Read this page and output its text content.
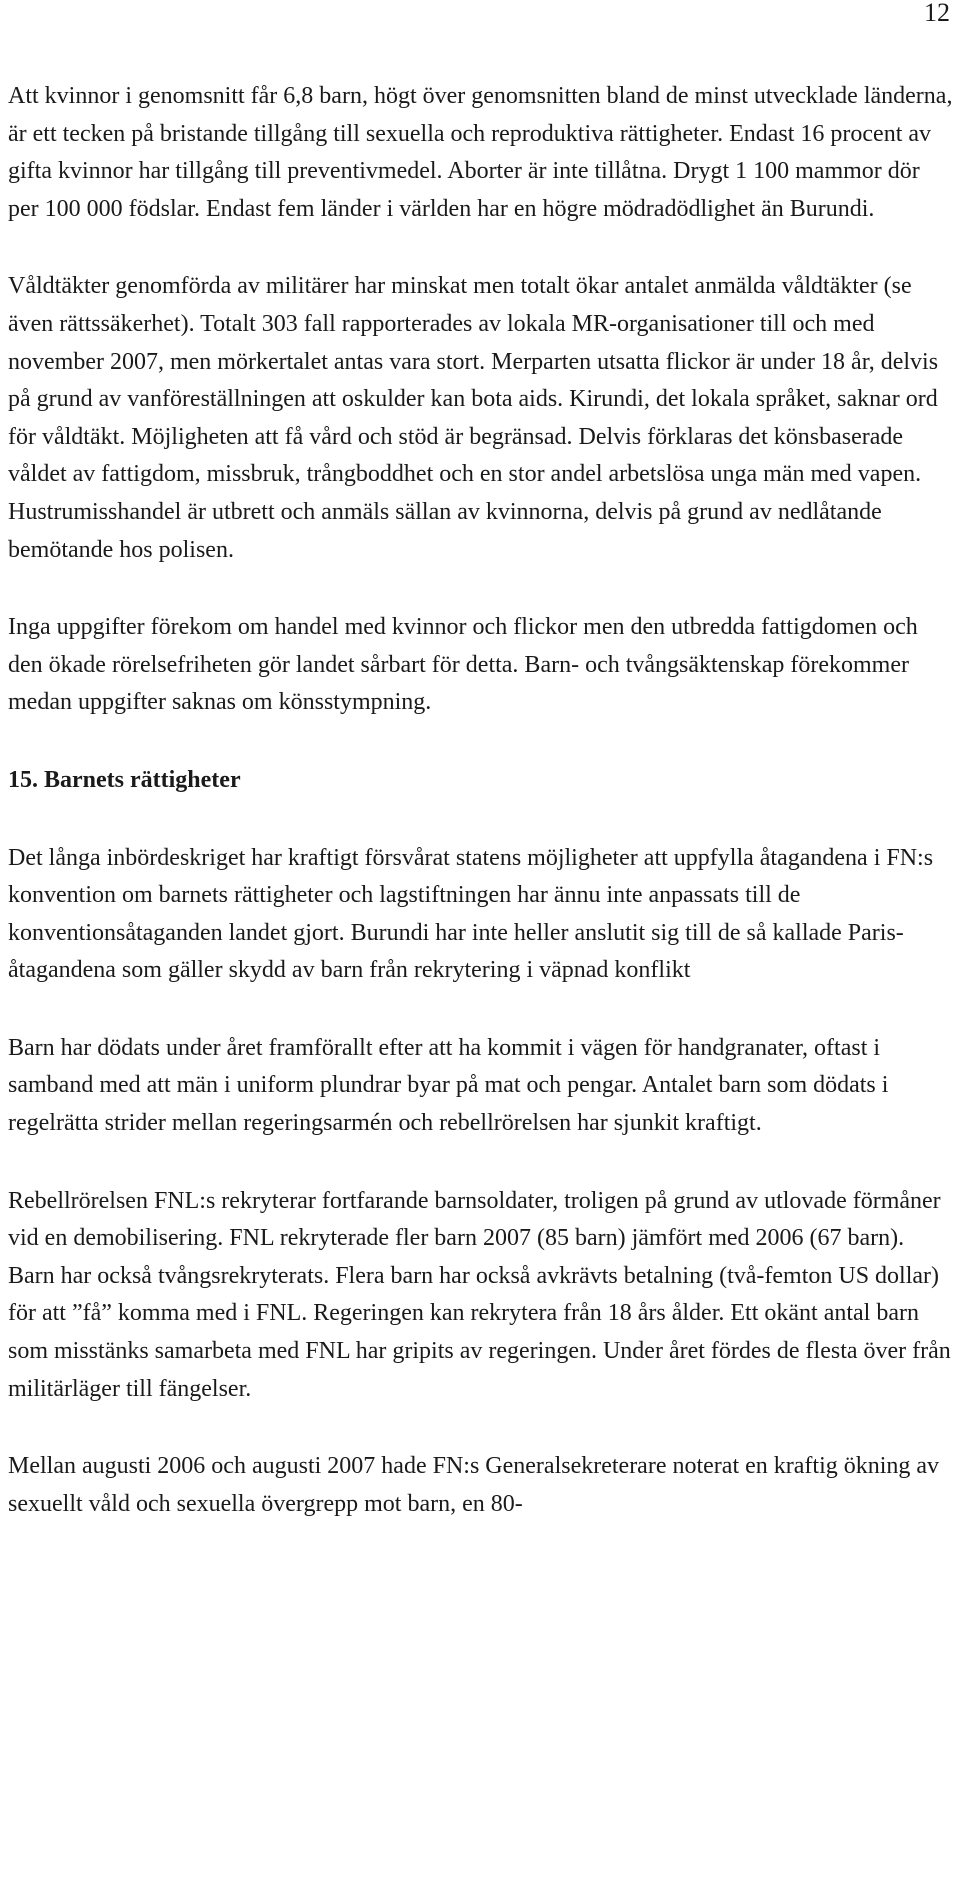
12

Att kvinnor i genomsnitt får 6,8 barn, högt över genomsnitten bland de minst utvecklade länderna, är ett tecken på bristande tillgång till sexuella och reproduktiva rättigheter. Endast 16 procent av gifta kvinnor har tillgång till preventivmedel. Aborter är inte tillåtna. Drygt 1 100 mammor dör per 100 000 födslar. Endast fem länder i världen har en högre mödradödlighet än Burundi.

Våldtäkter genomförda av militärer har minskat men totalt ökar antalet anmälda våldtäkter (se även rättssäkerhet). Totalt 303 fall rapporterades av lokala MR-organisationer till och med november 2007, men mörkertalet antas vara stort. Merparten utsatta flickor är under 18 år, delvis på grund av vanföreställningen att oskulder kan bota aids. Kirundi, det lokala språket, saknar ord för våldtäkt. Möjligheten att få vård och stöd är begränsad. Delvis förklaras det könsbaserade våldet av fattigdom, missbruk, trångboddhet och en stor andel arbetslösa unga män med vapen. Hustrumisshandel är utbrett och anmäls sällan av kvinnorna, delvis på grund av nedlåtande bemötande hos polisen.

Inga uppgifter förekom om handel med kvinnor och flickor men den utbredda fattigdomen och den ökade rörelsefriheten gör landet sårbart för detta. Barn- och tvångsäktenskap förekommer medan uppgifter saknas om könsstympning.

15. Barnets rättigheter

Det långa inbördeskriget har kraftigt försvårat statens möjligheter att uppfylla åtagandena i FN:s konvention om barnets rättigheter och lagstiftningen har ännu inte anpassats till de konventionsåtaganden landet gjort. Burundi har inte heller anslutit sig till de så kallade Paris-åtagandena som gäller skydd av barn från rekrytering i väpnad konflikt

Barn har dödats under året framförallt efter att ha kommit i vägen för handgranater, oftast i samband med att män i uniform plundrar byar på mat och pengar. Antalet barn som dödats i regelrätta strider mellan regeringsarmén och rebellrörelsen har sjunkit kraftigt.

Rebellrörelsen FNL:s rekryterar fortfarande barnsoldater, troligen på grund av utlovade förmåner vid en demobilisering. FNL rekryterade fler barn 2007 (85 barn) jämfört med 2006 (67 barn). Barn har också tvångsrekryterats. Flera barn har också avkrävts betalning (två-femton US dollar) för att ”få” komma med i FNL. Regeringen kan rekrytera från 18 års ålder. Ett okänt antal barn som misstänks samarbeta med FNL har gripits av regeringen. Under året fördes de flesta över från militärläger till fängelser.

Mellan augusti 2006 och augusti 2007 hade FN:s Generalsekreterare noterat en kraftig ökning av sexuellt våld och sexuella övergrepp mot barn, en 80-
